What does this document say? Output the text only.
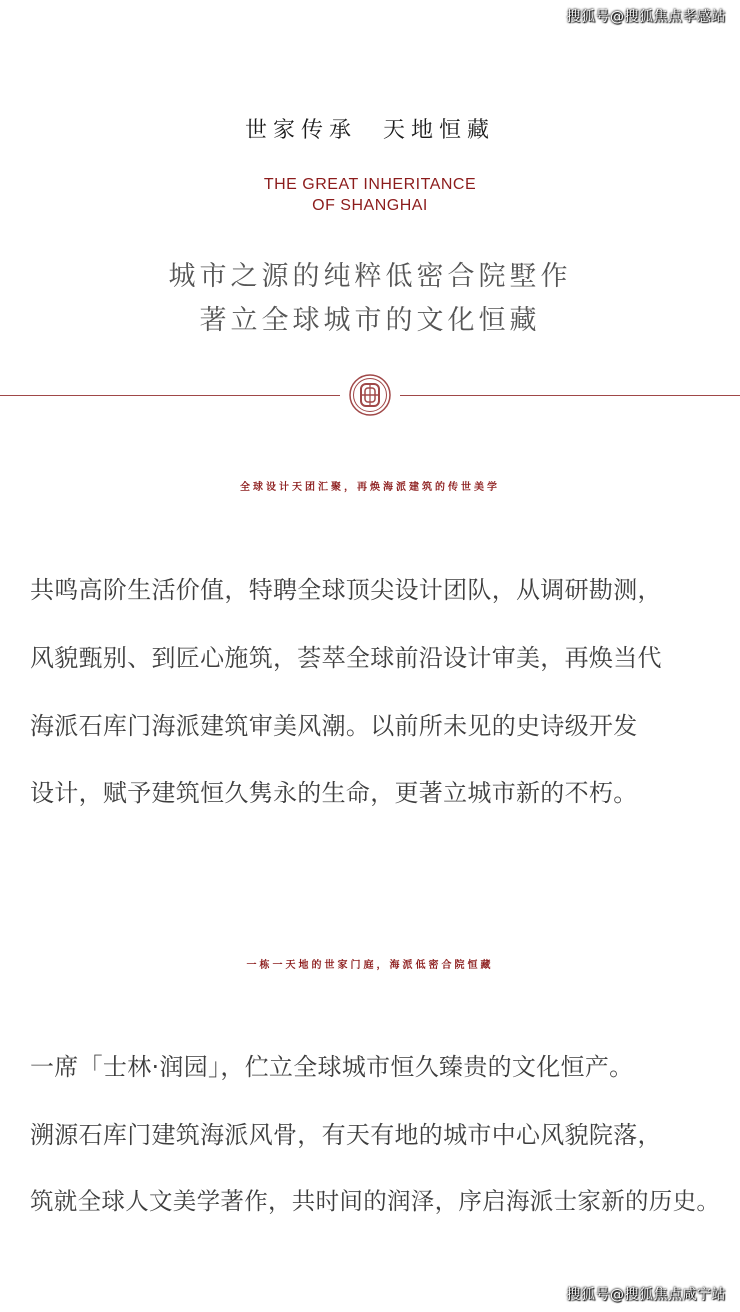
搜狐号@搜狐焦点孝感站
世家传承  天地恒藏
THE GREAT INHERITANCE
OF SHANGHAI
城市之源的纯粹低密合院墅作
著立全球城市的文化恒藏
全球设计天团汇聚，再焕海派建筑的传世美学
共鸣高阶生活价值，特聘全球顶尖设计团队，从调研勘测，
风貌甄别、到匠心施筑，荟萃全球前沿设计审美，再焕当代
海派石库门海派建筑审美风潮。以前所未见的史诗级开发
设计，赋予建筑恒久隽永的生命，更著立城市新的不朽。
一栋一天地的世家门庭，海派低密合院恒藏
一席「士林·润园」，伫立全球城市恒久臻贵的文化恒产。
溯源石库门建筑海派风骨，有天有地的城市中心风貌院落，
筑就全球人文美学著作，共时间的润泽，序启海派士家新的历史。
搜狐号@搜狐焦点咸宁站
